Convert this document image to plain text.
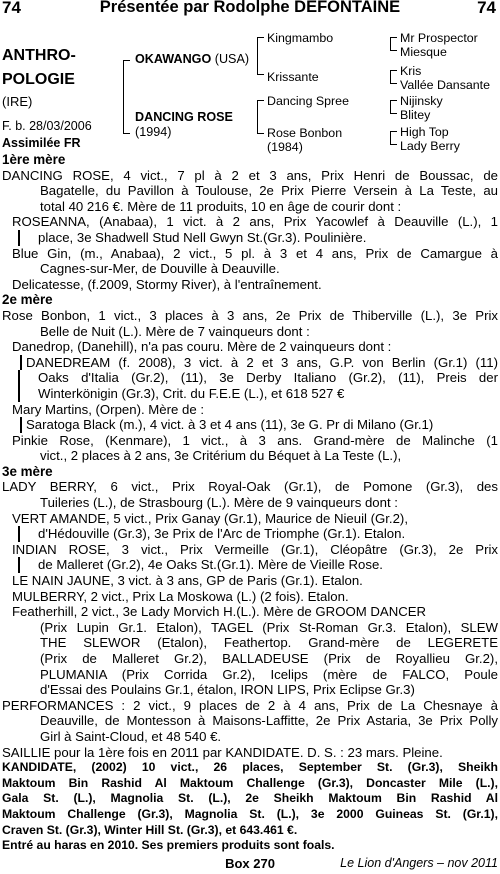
74	Présentée par Rodolphe DEFONTAINE	74
ANTHRO-
POLOGIE
(IRE)
F. b. 28/03/2006
Assimilée FR
OKAWANGO (USA)
DANCING ROSE
(1994)
Kingmambo
Krissante
Dancing Spree
Rose Bonbon
(1984)
Mr Prospector
Miesque
Kris
Vallée Dansante
Nijinsky
Blitey
High Top
Lady Berry
1ère mère
DANCING ROSE, 4 vict., 7 pl à 2 et 3 ans, Prix Henri de Boussac, de
Bagatelle, du Pavillon à Toulouse, 2e Prix Pierre Versein à La Teste, au
total 40 216 €. Mère de 11 produits, 10 en âge de courir dont :
ROSEANNA, (Anabaa), 1 vict. à 2 ans, Prix Yacowlef à Deauville (L.), 1
place, 3e Shadwell Stud Nell Gwyn St.(Gr.3). Poulinière.
Blue Gin, (m., Anabaa), 2 vict., 5 pl. à 3 et 4 ans, Prix de Camargue à
Cagnes-sur-Mer, de Douville à Deauville.
Delicatesse, (f.2009, Stormy River), à l'entraînement.
2e mère
Rose Bonbon, 1 vict., 3 places à 3 ans, 2e Prix de Thiberville (L.), 3e Prix
Belle de Nuit (L.). Mère de 7 vainqueurs dont :
Danedrop, (Danehill), n'a pas couru. Mère de 2 vainqueurs dont :
DANEDREAM (f. 2008), 3 vict. à 2 et 3 ans, G.P. von Berlin (Gr.1) (11)
Oaks d'Italia (Gr.2), (11), 3e Derby Italiano (Gr.2), (11), Preis der
Winterkönigin (Gr.3), Crit. du F.E.E (L.), et 618 527 €
Mary Martins, (Orpen). Mère de :
Saratoga Black (m.), 4 vict. à 3 et 4 ans (11), 3e G. Pr di Milano (Gr.1)
Pinkie Rose, (Kenmare), 1 vict., à 3 ans. Grand-mère de Malinche (1
vict., 2 places à 2 ans, 3e Critérium du Béquet à La Teste (L.),
3e mère
LADY BERRY, 6 vict., Prix Royal-Oak (Gr.1), de Pomone (Gr.3), des
Tuileries (L.), de Strasbourg (L.). Mère de 9 vainqueurs dont :
VERT AMANDE, 5 vict., Prix Ganay (Gr.1), Maurice de Nieuil (Gr.2),
d'Hédouville (Gr.3), 3e Prix de l'Arc de Triomphe (Gr.1). Etalon.
INDIAN ROSE, 3 vict., Prix Vermeille (Gr.1), Cléopâtre (Gr.3), 2e Prix
de Malleret (Gr.2), 4e Oaks St.(Gr.1). Mère de Vieille Rose.
LE NAIN JAUNE, 3 vict. à 3 ans, GP de Paris (Gr.1). Etalon.
MULBERRY, 2 vict., Prix La Moskowa (L.) (2 fois). Etalon.
Featherhill, 2 vict., 3e Lady Morvich H.(L.). Mère de GROOM DANCER
(Prix Lupin Gr.1. Etalon), TAGEL (Prix St-Roman Gr.3. Etalon), SLEW
THE SLEWOR (Etalon), Feathertop. Grand-mère de LEGERETE
(Prix de Malleret Gr.2), BALLADEUSE (Prix de Royallieu Gr.2),
PLUMANIA (Prix Corrida Gr.2), Icelips (mère de FALCO, Poule
d'Essai des Poulains Gr.1, étalon, IRON LIPS, Prix Eclipse Gr.3)
PERFORMANCES : 2 vict., 9 places de 2 à 4 ans, Prix de La Chesnaye à
Deauville, de Montesson à Maisons-Laffitte, 2e Prix Astaria, 3e Prix Polly
Girl à Saint-Cloud, et 48 540 €.
SAILLIE pour la 1ère fois en 2011 par KANDIDATE. D. S. : 23 mars. Pleine.
KANDIDATE, (2002) 10 vict., 26 places, September St. (Gr.3), Sheikh
Maktoum Bin Rashid Al Maktoum Challenge (Gr.3), Doncaster Mile (L.),
Gala St. (L.), Magnolia St. (L.), 2e Sheikh Maktoum Bin Rashid Al
Maktoum Challenge (Gr.3), Magnolia St. (L.), 3e 2000 Guineas St. (Gr.1),
Craven St. (Gr.3), Winter Hill St. (Gr.3), et 643.461 €.
Entré au haras en 2010. Ses premiers produits sont foals.
Box 270	Le Lion d'Angers – nov 2011
